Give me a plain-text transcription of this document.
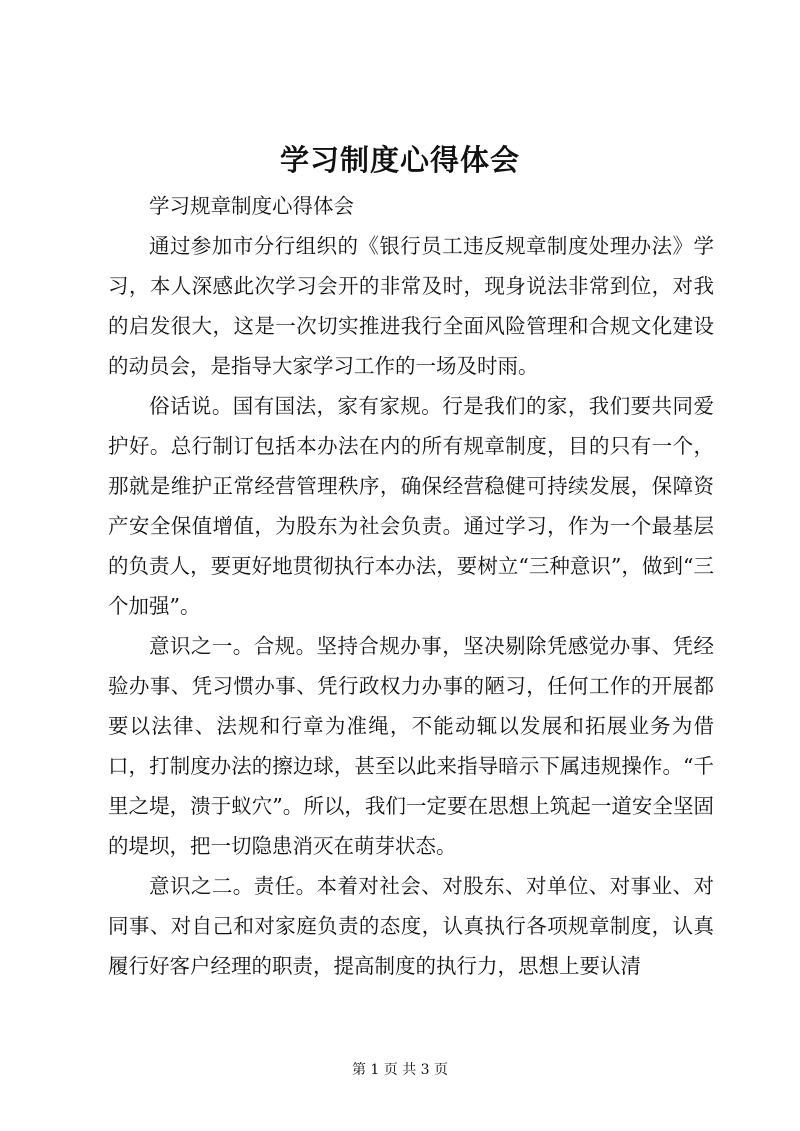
学习制度心得体会

学习规章制度心得体会

通过参加市分行组织的《银行员工违反规章制度处理办法》学习，本人深感此次学习会开的非常及时，现身说法非常到位，对我的启发很大，这是一次切实推进我行全面风险管理和合规文化建设的动员会，是指导大家学习工作的一场及时雨。

俗话说。国有国法，家有家规。行是我们的家，我们要共同爱护好。总行制订包括本办法在内的所有规章制度，目的只有一个，那就是维护正常经营管理秩序，确保经营稳健可持续发展，保障资产安全保值增值，为股东为社会负责。通过学习，作为一个最基层的负责人，要更好地贯彻执行本办法，要树立“三种意识”，做到“三个加强”。

意识之一。合规。坚持合规办事，坚决剔除凭感觉办事、凭经验办事、凭习惯办事、凭行政权力办事的陋习，任何工作的开展都要以法律、法规和行章为准绳，不能动辄以发展和拓展业务为借口，打制度办法的擦边球，甚至以此来指导暗示下属违规操作。“千里之堤，溃于蚁穴”。所以，我们一定要在思想上筑起一道安全坚固的堤坝，把一切隐患消灭在萌芽状态。

意识之二。责任。本着对社会、对股东、对单位、对事业、对同事、对自己和对家庭负责的态度，认真执行各项规章制度，认真履行好客户经理的职责，提高制度的执行力，思想上要认清

第 1 页 共 3 页
